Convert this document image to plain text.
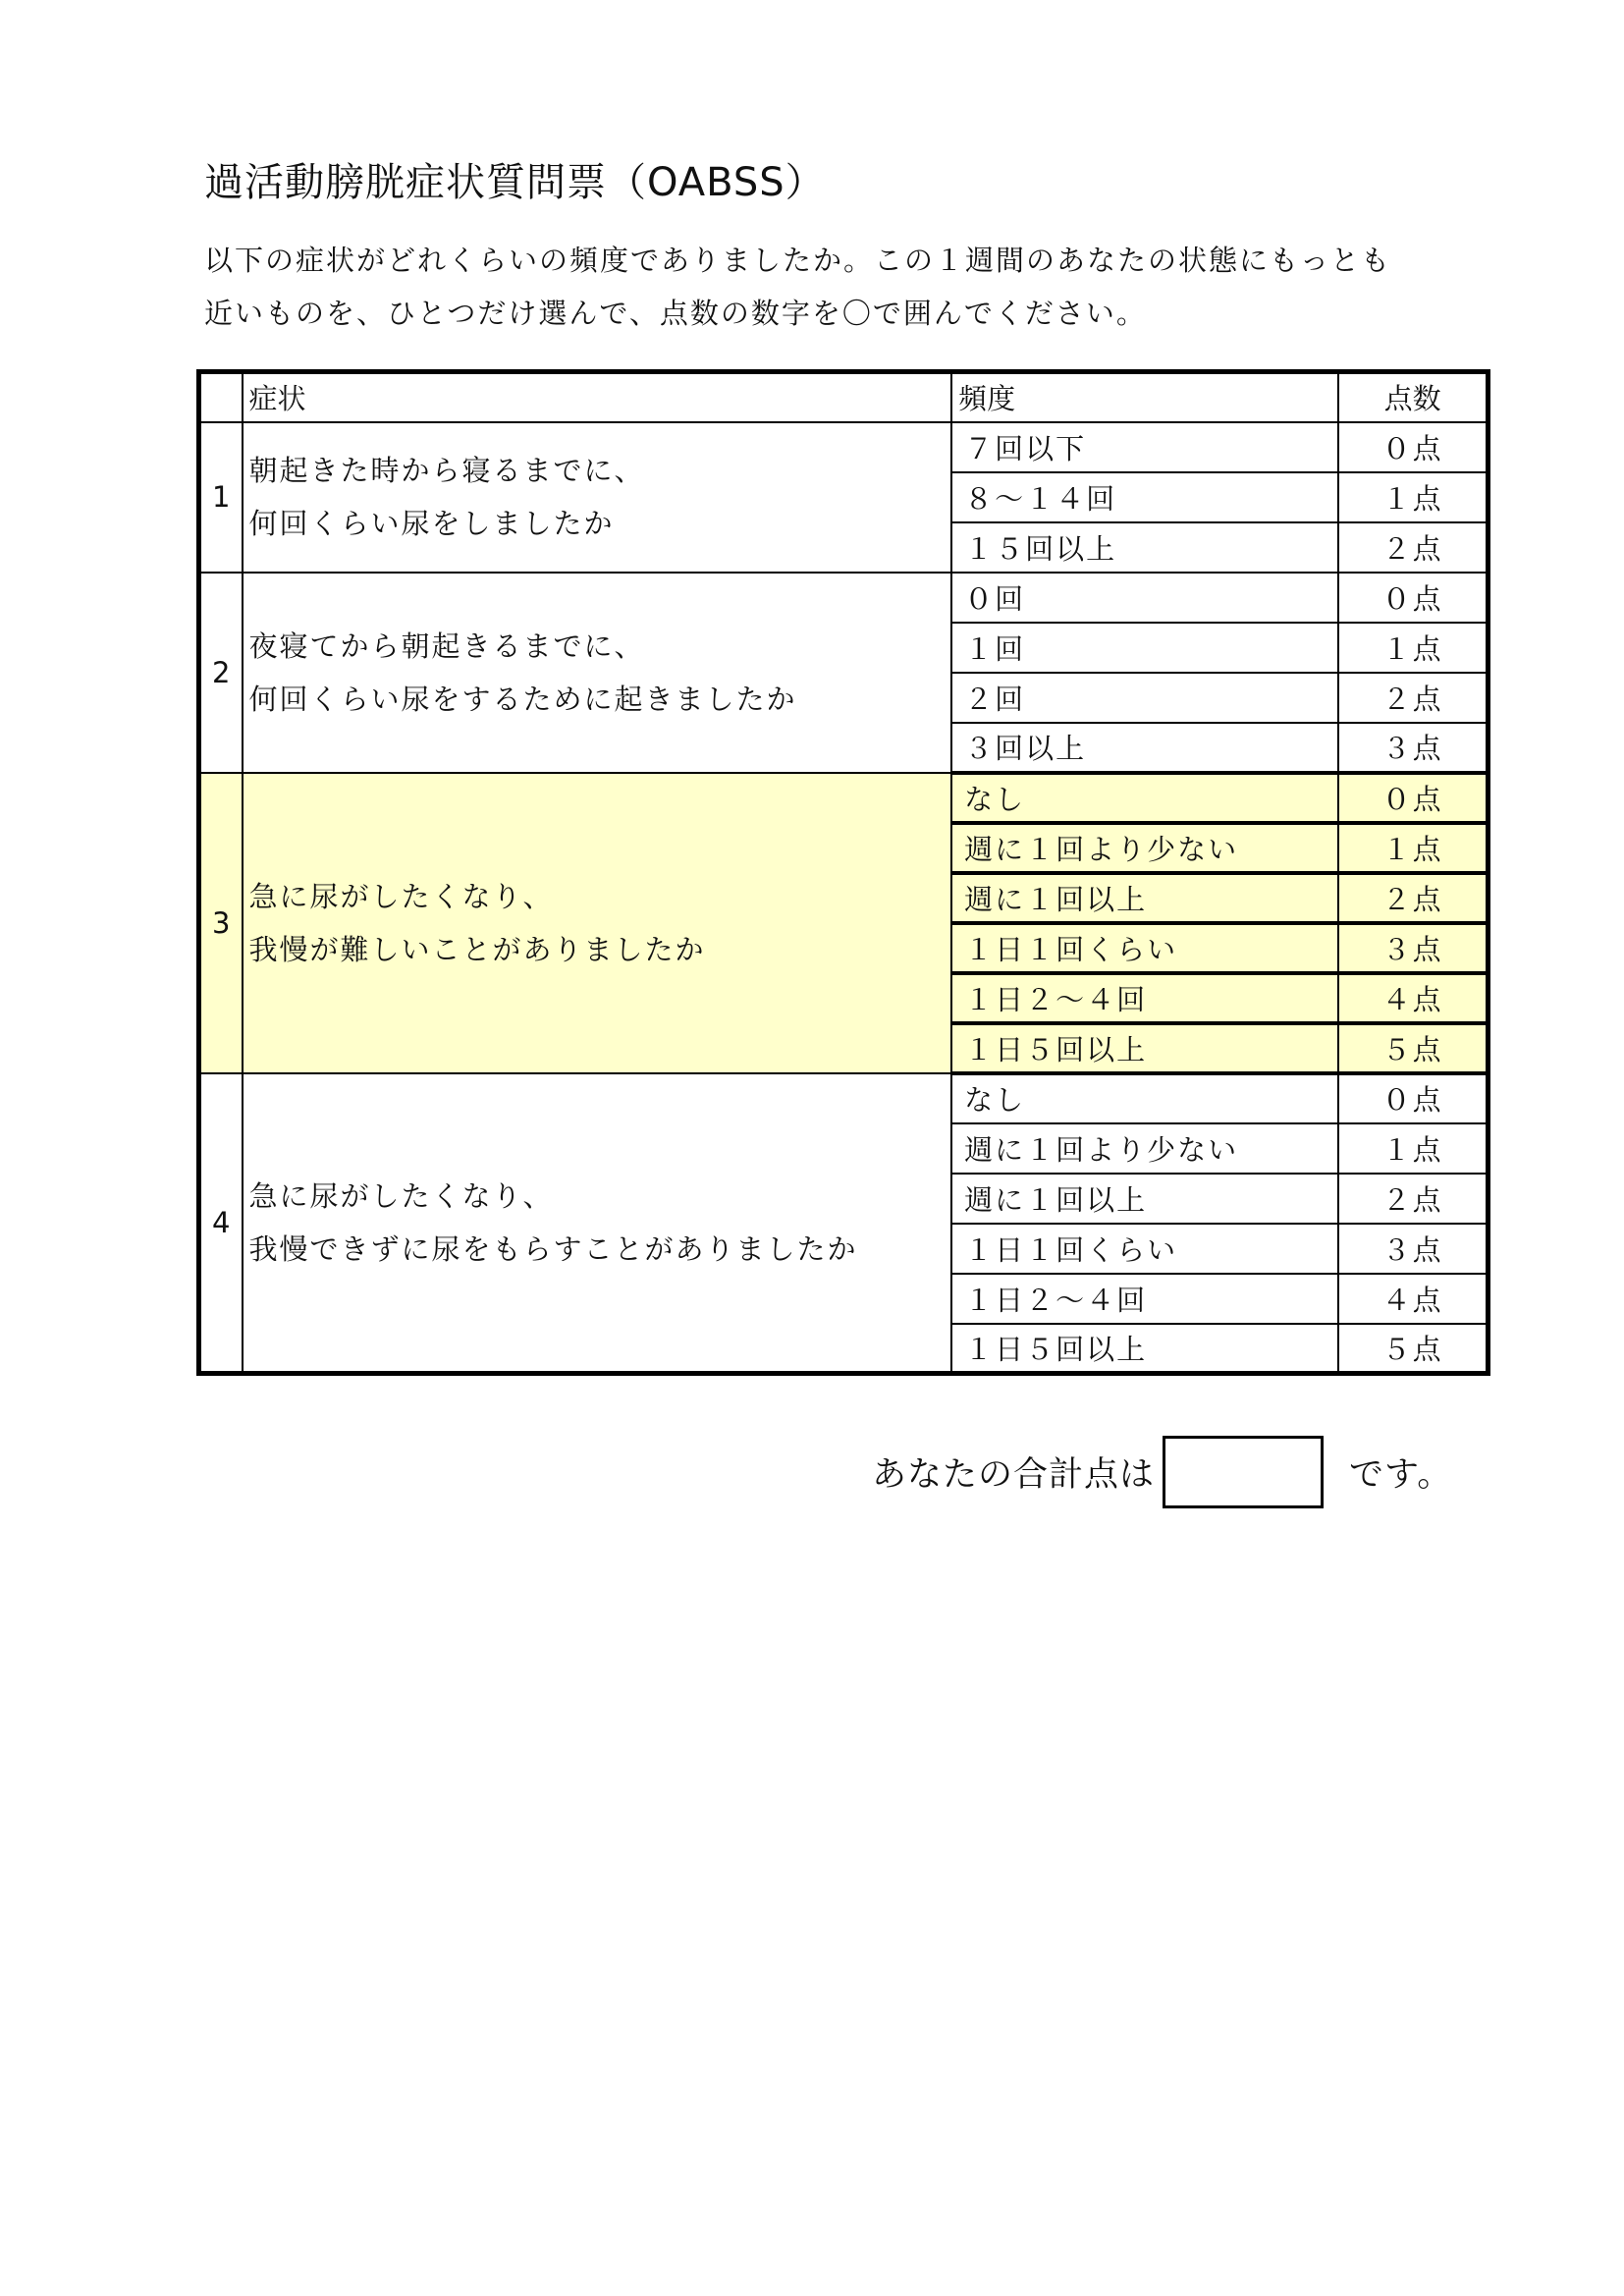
過活動膀胱症状質問票（OABSS）
以下の症状がどれくらいの頻度でありましたか。この１週間のあなたの状態にもっとも
近いものを、ひとつだけ選んで、点数の数字を〇で囲んでください。
	症状	頻度	点数
1	朝起きた時から寝るまでに、
何回くらい尿をしましたか	７回以下	０点
		８～１４回	１点
		１５回以上	２点
2	夜寝てから朝起きるまでに、
何回くらい尿をするために起きましたか	０回	０点
		１回	１点
		２回	２点
		３回以上	３点
3	急に尿がしたくなり、
我慢が難しいことがありましたか	なし	０点
		週に１回より少ない	１点
		週に１回以上	２点
		１日１回くらい	３点
		１日２～４回	４点
		１日５回以上	５点
4	急に尿がしたくなり、
我慢できずに尿をもらすことがありましたか	なし	０点
		週に１回より少ない	１点
		週に１回以上	２点
		１日１回くらい	３点
		１日２～４回	４点
		１日５回以上	５点
あなたの合計点は	です。
